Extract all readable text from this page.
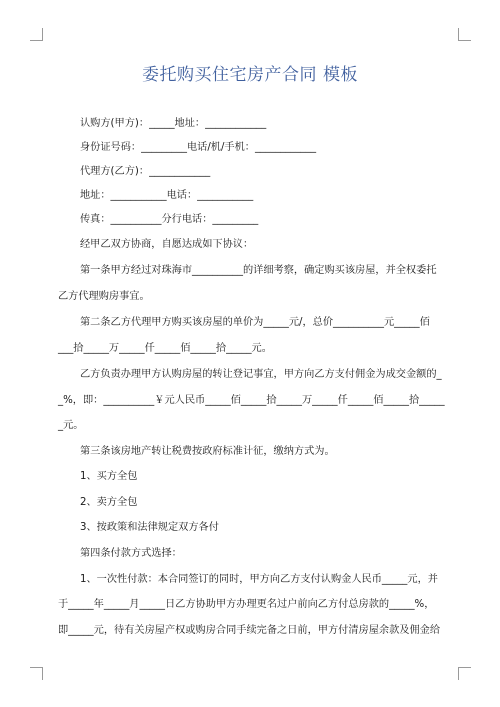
委托购买住宅房产合同 模板
认购方(甲方)：_____地址：____________
身份证号码：_________电话/机/手机：____________
代理方(乙方)：____________
地址：___________电话：___________
传真：__________分行电话：_________
经甲乙双方协商，自愿达成如下协议：
第一条甲方经过对珠海市__________的详细考察，确定购买该房屋，并全权委托
乙方代理购房事宜。
第二条乙方代理甲方购买该房屋的单价为_____元/，总价__________元_____佰
___拾_____万_____仟_____佰_____拾_____元。
乙方负责办理甲方认购房屋的转让登记事宜，甲方向乙方支付佣金为成交金额的_
_%，即：__________￥元人民币_____佰_____拾_____万_____仟_____佰_____拾_____
_元。
第三条该房地产转让税费按政府标准计征，缴纳方式为。
1、买方全包
2、卖方全包
3、按政策和法律规定双方各付
第四条付款方式选择：
1、一次性付款：本合同签订的同时，甲方向乙方支付认购金人民币_____元，并
于_____年_____月_____日乙方协助甲方办理更名过户前向乙方付总房款的_____%，
即_____元，待有关房屋产权或购房合同手续完备之日前，甲方付清房屋余款及佣金给
